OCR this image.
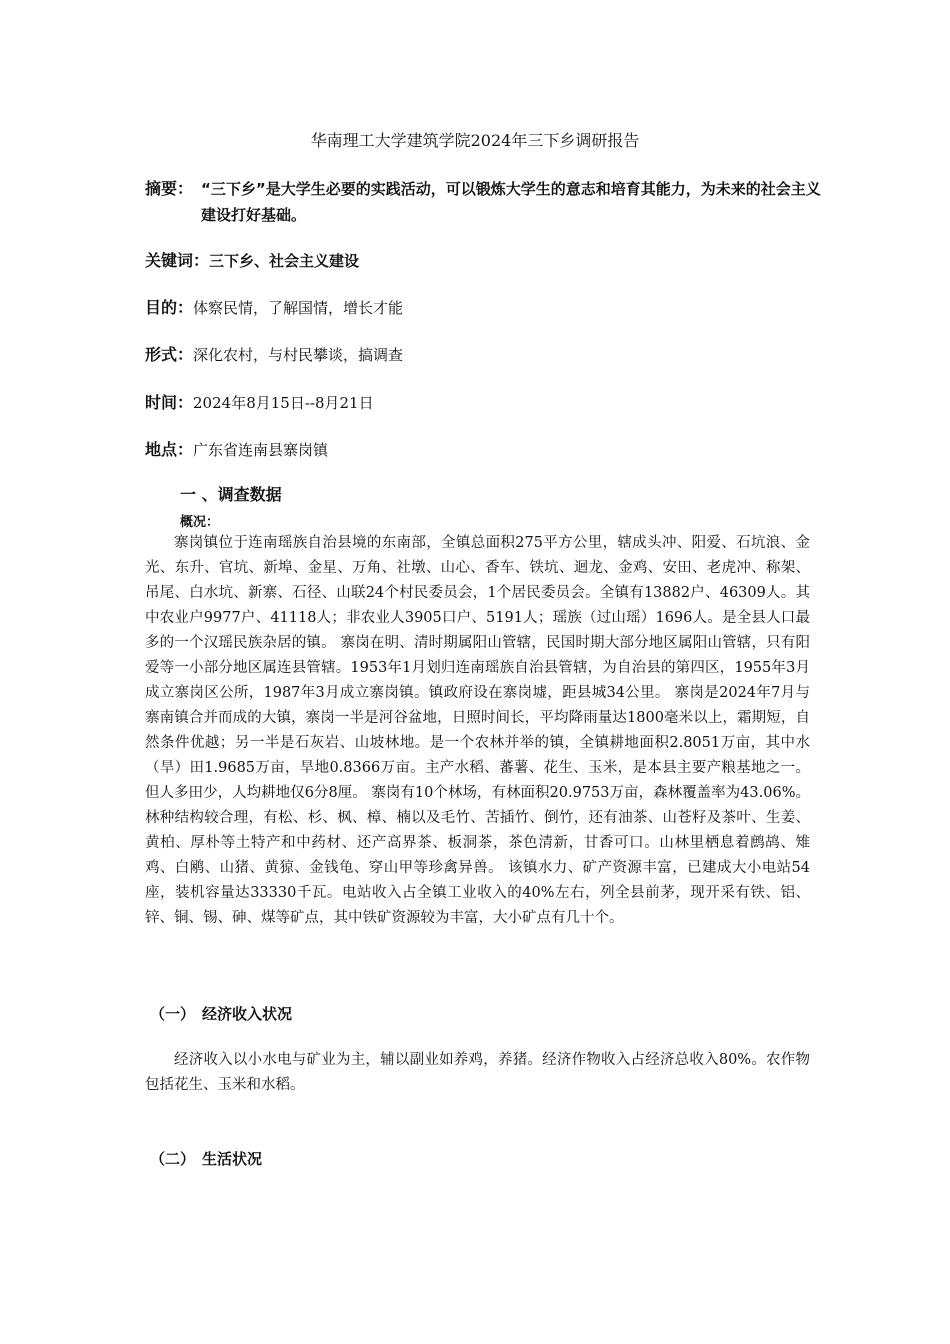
华南理工大学建筑学院2024年三下乡调研报告
摘要： “三下乡”是大学生必要的实践活动，可以锻炼大学生的意志和培育其能力，为未来的社会主义建设打好基础。
关键词：三下乡、社会主义建设
目的：体察民情，了解国情，增长才能
形式：深化农村，与村民攀谈，搞调查
时间：2024年8月15日--8月21日
地点：广东省连南县寨岗镇
一 、调查数据
概况：

寨岗镇位于连南瑶族自治县境的东南部，全镇总面积275平方公里，辖成头冲、阳爱、石坑浪、金光、东升、官坑、新埠、金星、万角、社墩、山心、香车、铁坑、迴龙、金鸡、安田、老虎冲、称架、吊尾、白水坑、新寨、石径、山联24个村民委员会，1个居民委员会。全镇有13882户、46309人。其中农业户9977户、41118人；非农业人3905口户、5191人；瑶族（过山瑶）1696人。是全县人口最多的一个汉瑶民族杂居的镇。 寨岗在明、清时期属阳山管辖，民国时期大部分地区属阳山管辖，只有阳爱等一小部分地区属连县管辖。1953年1月划归连南瑶族自治县管辖，为自治县的第四区，1955年3月成立寨岗区公所，1987年3月成立寨岗镇。镇政府设在寨岗墟，距县城34公里。 寨岗是2024年7月与寨南镇合并而成的大镇，寨岗一半是河谷盆地，日照时间长，平均降雨量达1800毫米以上，霜期短，自然条件优越；另一半是石灰岩、山坡林地。是一个农林并举的镇，全镇耕地面积2.8051万亩，其中水（旱）田1.9685万亩，旱地0.8366万亩。主产水稻、蕃薯、花生、玉米，是本县主要产粮基地之一。但人多田少，人均耕地仅6分8厘。 寨岗有10个林场，有林面积20.9753万亩，森林覆盖率为43.06%。林种结构较合理，有松、杉、枫、樟、楠以及毛竹、苦插竹、倒竹，还有油茶、山苍籽及茶叶、生姜、黄柏、厚朴等土特产和中药材、还产高界茶、板洞茶，茶色清新，甘香可口。山林里栖息着鹧鸪、雉鸡、白鹇、山猪、黄猄、金钱龟、穿山甲等珍禽异兽。 该镇水力、矿产资源丰富，已建成大小电站54座，装机容量达33330千瓦。电站收入占全镇工业收入的40%左右，列全县前茅，现开采有铁、铝、锌、铜、锡、砷、煤等矿点，其中铁矿资源较为丰富，大小矿点有几十个。

（一） 经济收入状况

经济收入以小水电与矿业为主，辅以副业如养鸡，养猪。经济作物收入占经济总收入80%。农作物包括花生、玉米和水稻。

（二） 生活状况
